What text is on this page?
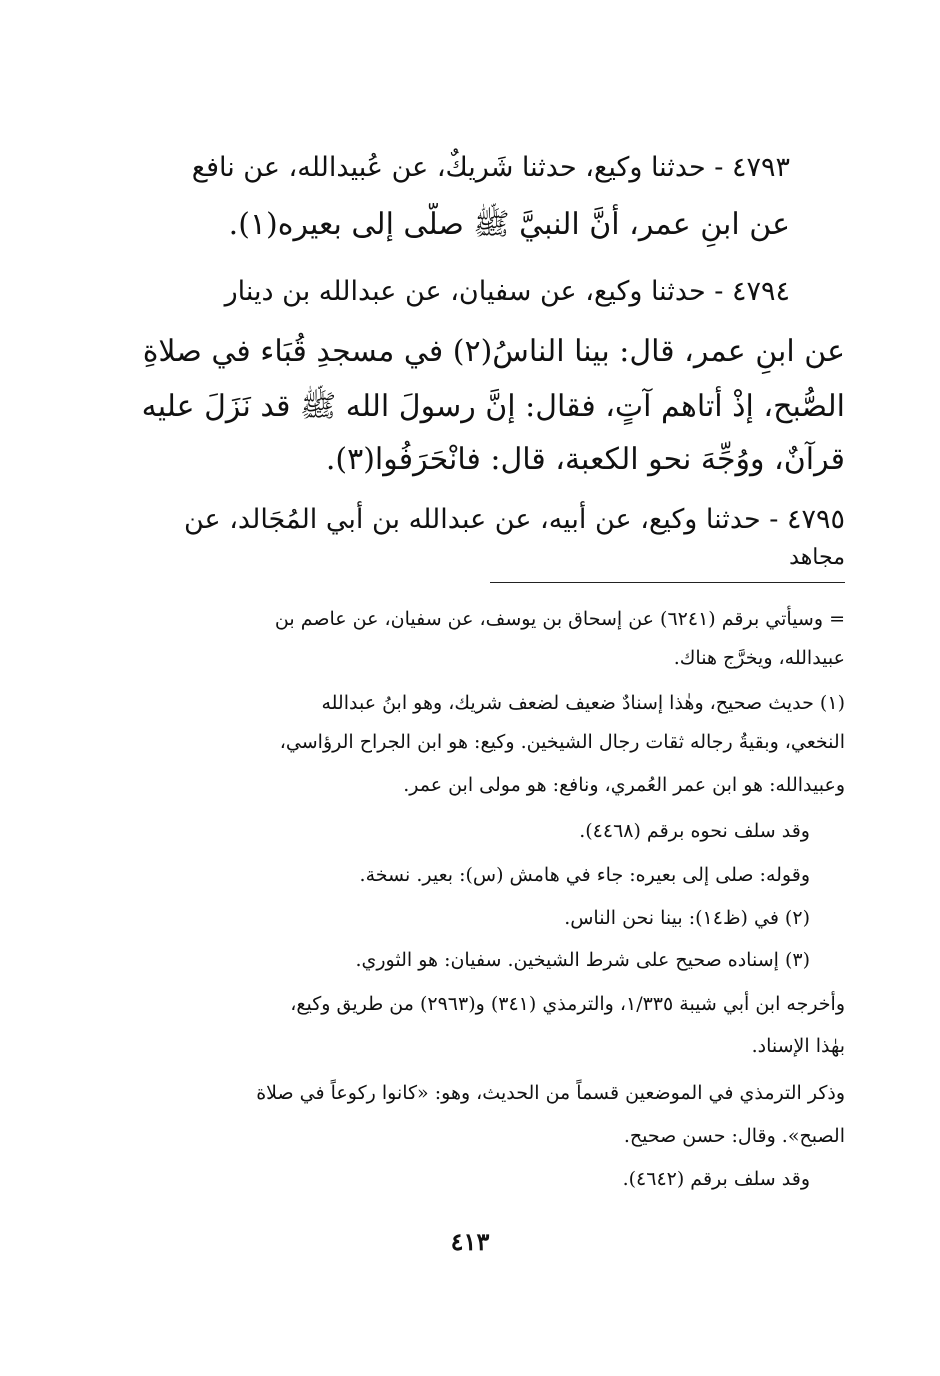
٤٧٩٣ - حدثنا وكيع، حدثنا شَريكٌ، عن عُبيدالله، عن نافع
عن ابنِ عمر، أنَّ النبيَّ ﷺ صلَّى إلى بعيره(١).
٤٧٩٤ - حدثنا وكيع، عن سفيان، عن عبدالله بن دينار
عن ابنِ عمر، قال: بينا الناسُ(٢) في مسجدِ قُبَاء في صلاةِ
الصُّبح، إذْ أتاهم آتٍ، فقال: إنَّ رسولَ الله ﷺ قد نَزَلَ عليه
قرآنٌ، ووُجِّهَ نحو الكعبة، قال: فانْحَرَفُوا(٣).
٤٧٩٥ - حدثنا وكيع، عن أبيه، عن عبدالله بن أبي المُجَالد، عن
مجاهد
= وسيأتي برقم (٦٢٤١) عن إسحاق بن يوسف، عن سفيان، عن عاصم بن
عبيدالله، ويخرَّج هناك.
(١) حديث صحيح، وهٰذا إسنادٌ ضعيف لضعف شريك، وهو ابنُ عبدالله
النخعي، وبقيةُ رجاله ثقات رجال الشيخين. وكيع: هو ابن الجراح الرؤاسي،
وعبيدالله: هو ابن عمر العُمري، ونافع: هو مولى ابن عمر.
وقد سلف نحوه برقم (٤٤٦٨).
وقوله: صلى إلى بعيره: جاء في هامش (س): بعير. نسخة.
(٢) في (ظ١٤): بينا نحن الناس.
(٣) إسناده صحيح على شرط الشيخين. سفيان: هو الثوري.
وأخرجه ابن أبي شيبة ١/٣٣٥، والترمذي (٣٤١) و(٢٩٦٣) من طريق وكيع،
بهٰذا الإسناد.
وذكر الترمذي في الموضعين قسماً من الحديث، وهو: «كانوا ركوعاً في صلاة
الصبح». وقال: حسن صحيح.
وقد سلف برقم (٤٦٤٢).
٤١٣
